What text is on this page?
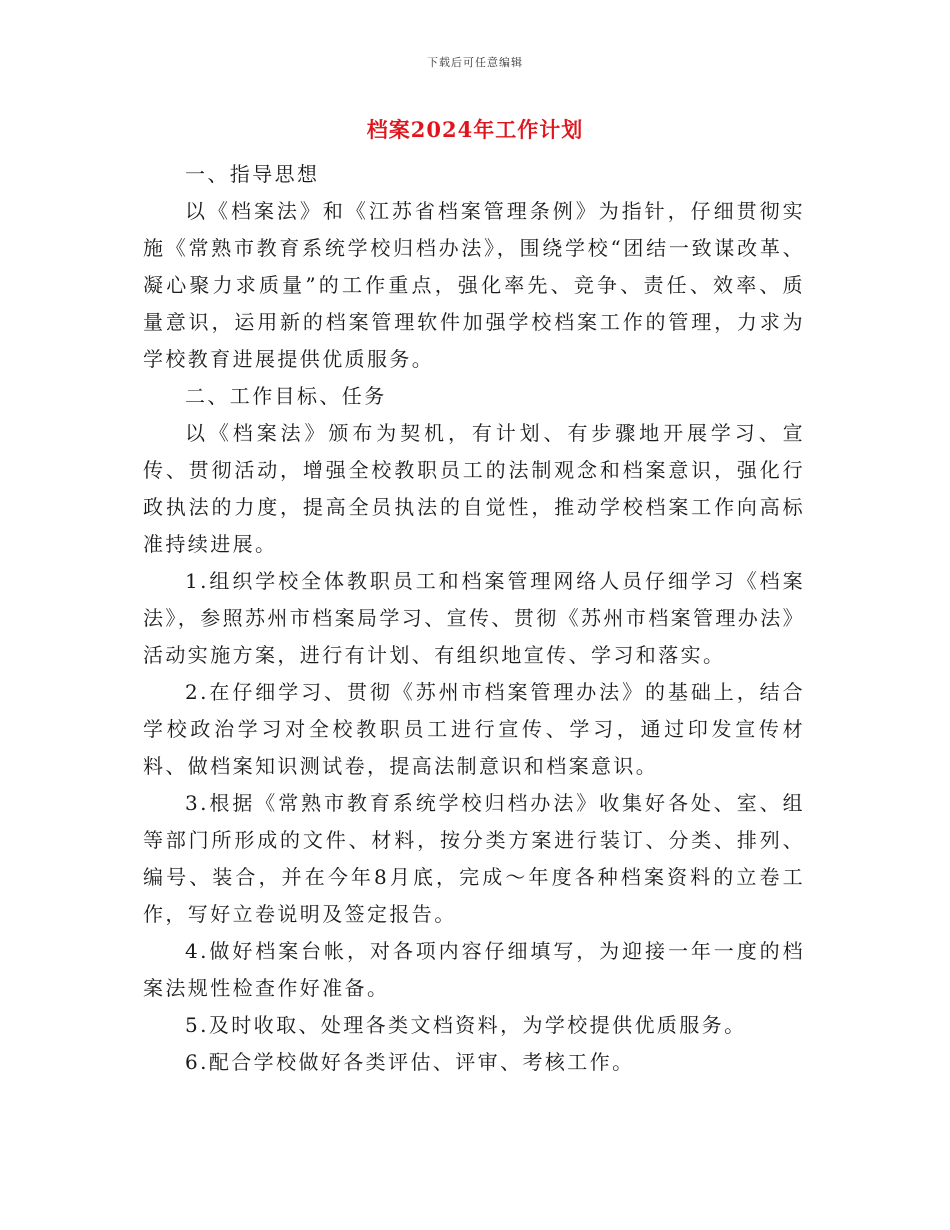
下载后可任意编辑
档案2024年工作计划

一、指导思想

以《档案法》和《江苏省档案管理条例》为指针，仔细贯彻实施《常熟市教育系统学校归档办法》，围绕学校“团结一致谋改革、凝心聚力求质量”的工作重点，强化率先、竞争、责任、效率、质量意识，运用新的档案管理软件加强学校档案工作的管理，力求为学校教育进展提供优质服务。

二、工作目标、任务

以《档案法》颁布为契机，有计划、有步骤地开展学习、宣传、贯彻活动，增强全校教职员工的法制观念和档案意识，强化行政执法的力度，提高全员执法的自觉性，推动学校档案工作向高标准持续进展。

1.组织学校全体教职员工和档案管理网络人员仔细学习《档案法》，参照苏州市档案局学习、宣传、贯彻《苏州市档案管理办法》活动实施方案，进行有计划、有组织地宣传、学习和落实。

2.在仔细学习、贯彻《苏州市档案管理办法》的基础上，结合学校政治学习对全校教职员工进行宣传、学习，通过印发宣传材料、做档案知识测试卷，提高法制意识和档案意识。

3.根据《常熟市教育系统学校归档办法》收集好各处、室、组等部门所形成的文件、材料，按分类方案进行装订、分类、排列、编号、装合，并在今年8月底，完成～年度各种档案资料的立卷工作，写好立卷说明及签定报告。

4.做好档案台帐，对各项内容仔细填写，为迎接一年一度的档案法规性检查作好准备。

5.及时收取、处理各类文档资料，为学校提供优质服务。

6.配合学校做好各类评估、评审、考核工作。
